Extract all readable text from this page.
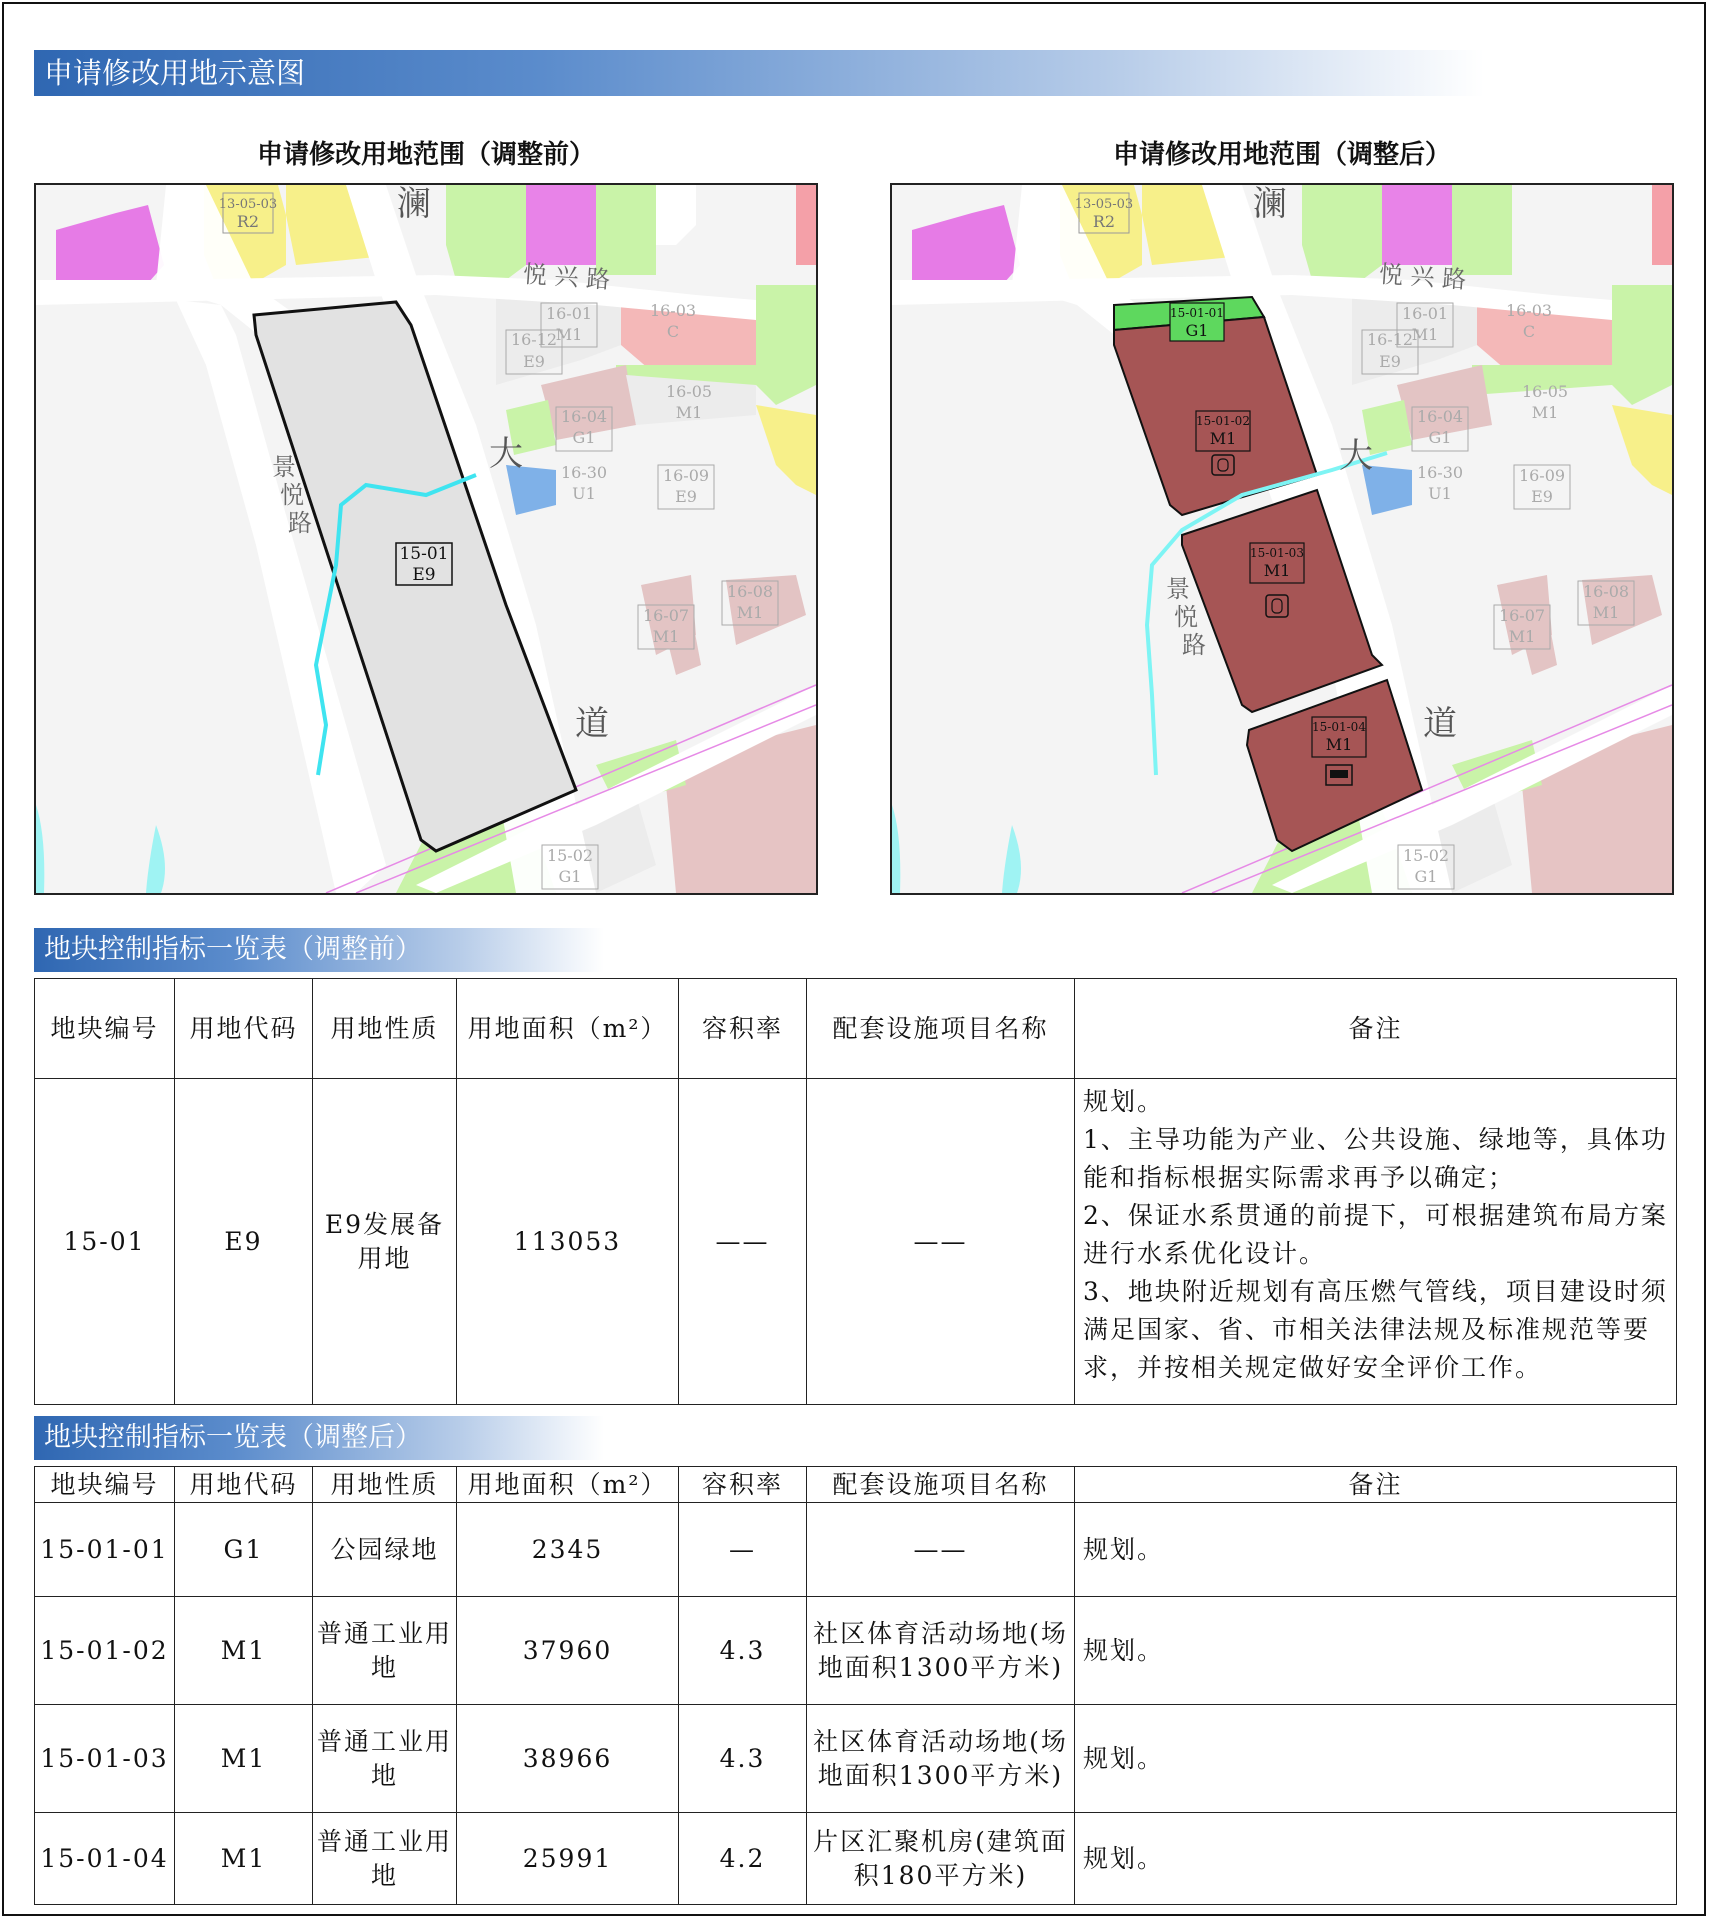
申请修改用地示意图
申请修改用地范围（调整前）	申请修改用地范围（调整后）
13-05-03
R2
16-01
M1
16-03
C
16-12
E9
16-05
M1
16-04
G1
16-30
U1
16-09
E9
16-07
M1
16-08
M1
15-02
G1
15-01
E9
澜
大
道
悦 兴 路
景
悦
路
13-05-03
R2
16-01
M1
16-03
C
16-12
E9
16-05
M1
16-04
G1
16-30
U1
16-09
E9
16-07
M1
16-08
M1
15-02
G1
15-01-01
G1
15-01-02
M1
15-01-03
M1
15-01-04
M1
澜
大
道
悦 兴 路
景
悦
路
地块控制指标一览表（调整前）
地块编号	用地代码	用地性质	用地面积（m²）	容积率	配套设施项目名称	备注
15-01	E9	E9发展备用地	113053	——	——	规划。
1、主导功能为产业、公共设施、绿地等，具体功能和指标根据实际需求再予以确定；
2、保证水系贯通的前提下，可根据建筑布局方案进行水系优化设计。
3、地块附近规划有高压燃气管线，项目建设时须满足国家、省、市相关法律法规及标准规范等要求，并按相关规定做好安全评价工作。
地块控制指标一览表（调整后）
地块编号	用地代码	用地性质	用地面积（m²）	容积率	配套设施项目名称	备注
15-01-01	G1	公园绿地	2345	—	——	规划。
15-01-02	M1	普通工业用地	37960	4.3	社区体育活动场地(场地面积1300平方米)	规划。
15-01-03	M1	普通工业用地	38966	4.3	社区体育活动场地(场地面积1300平方米)	规划。
15-01-04	M1	普通工业用地	25991	4.2	片区汇聚机房(建筑面积180平方米)	规划。
